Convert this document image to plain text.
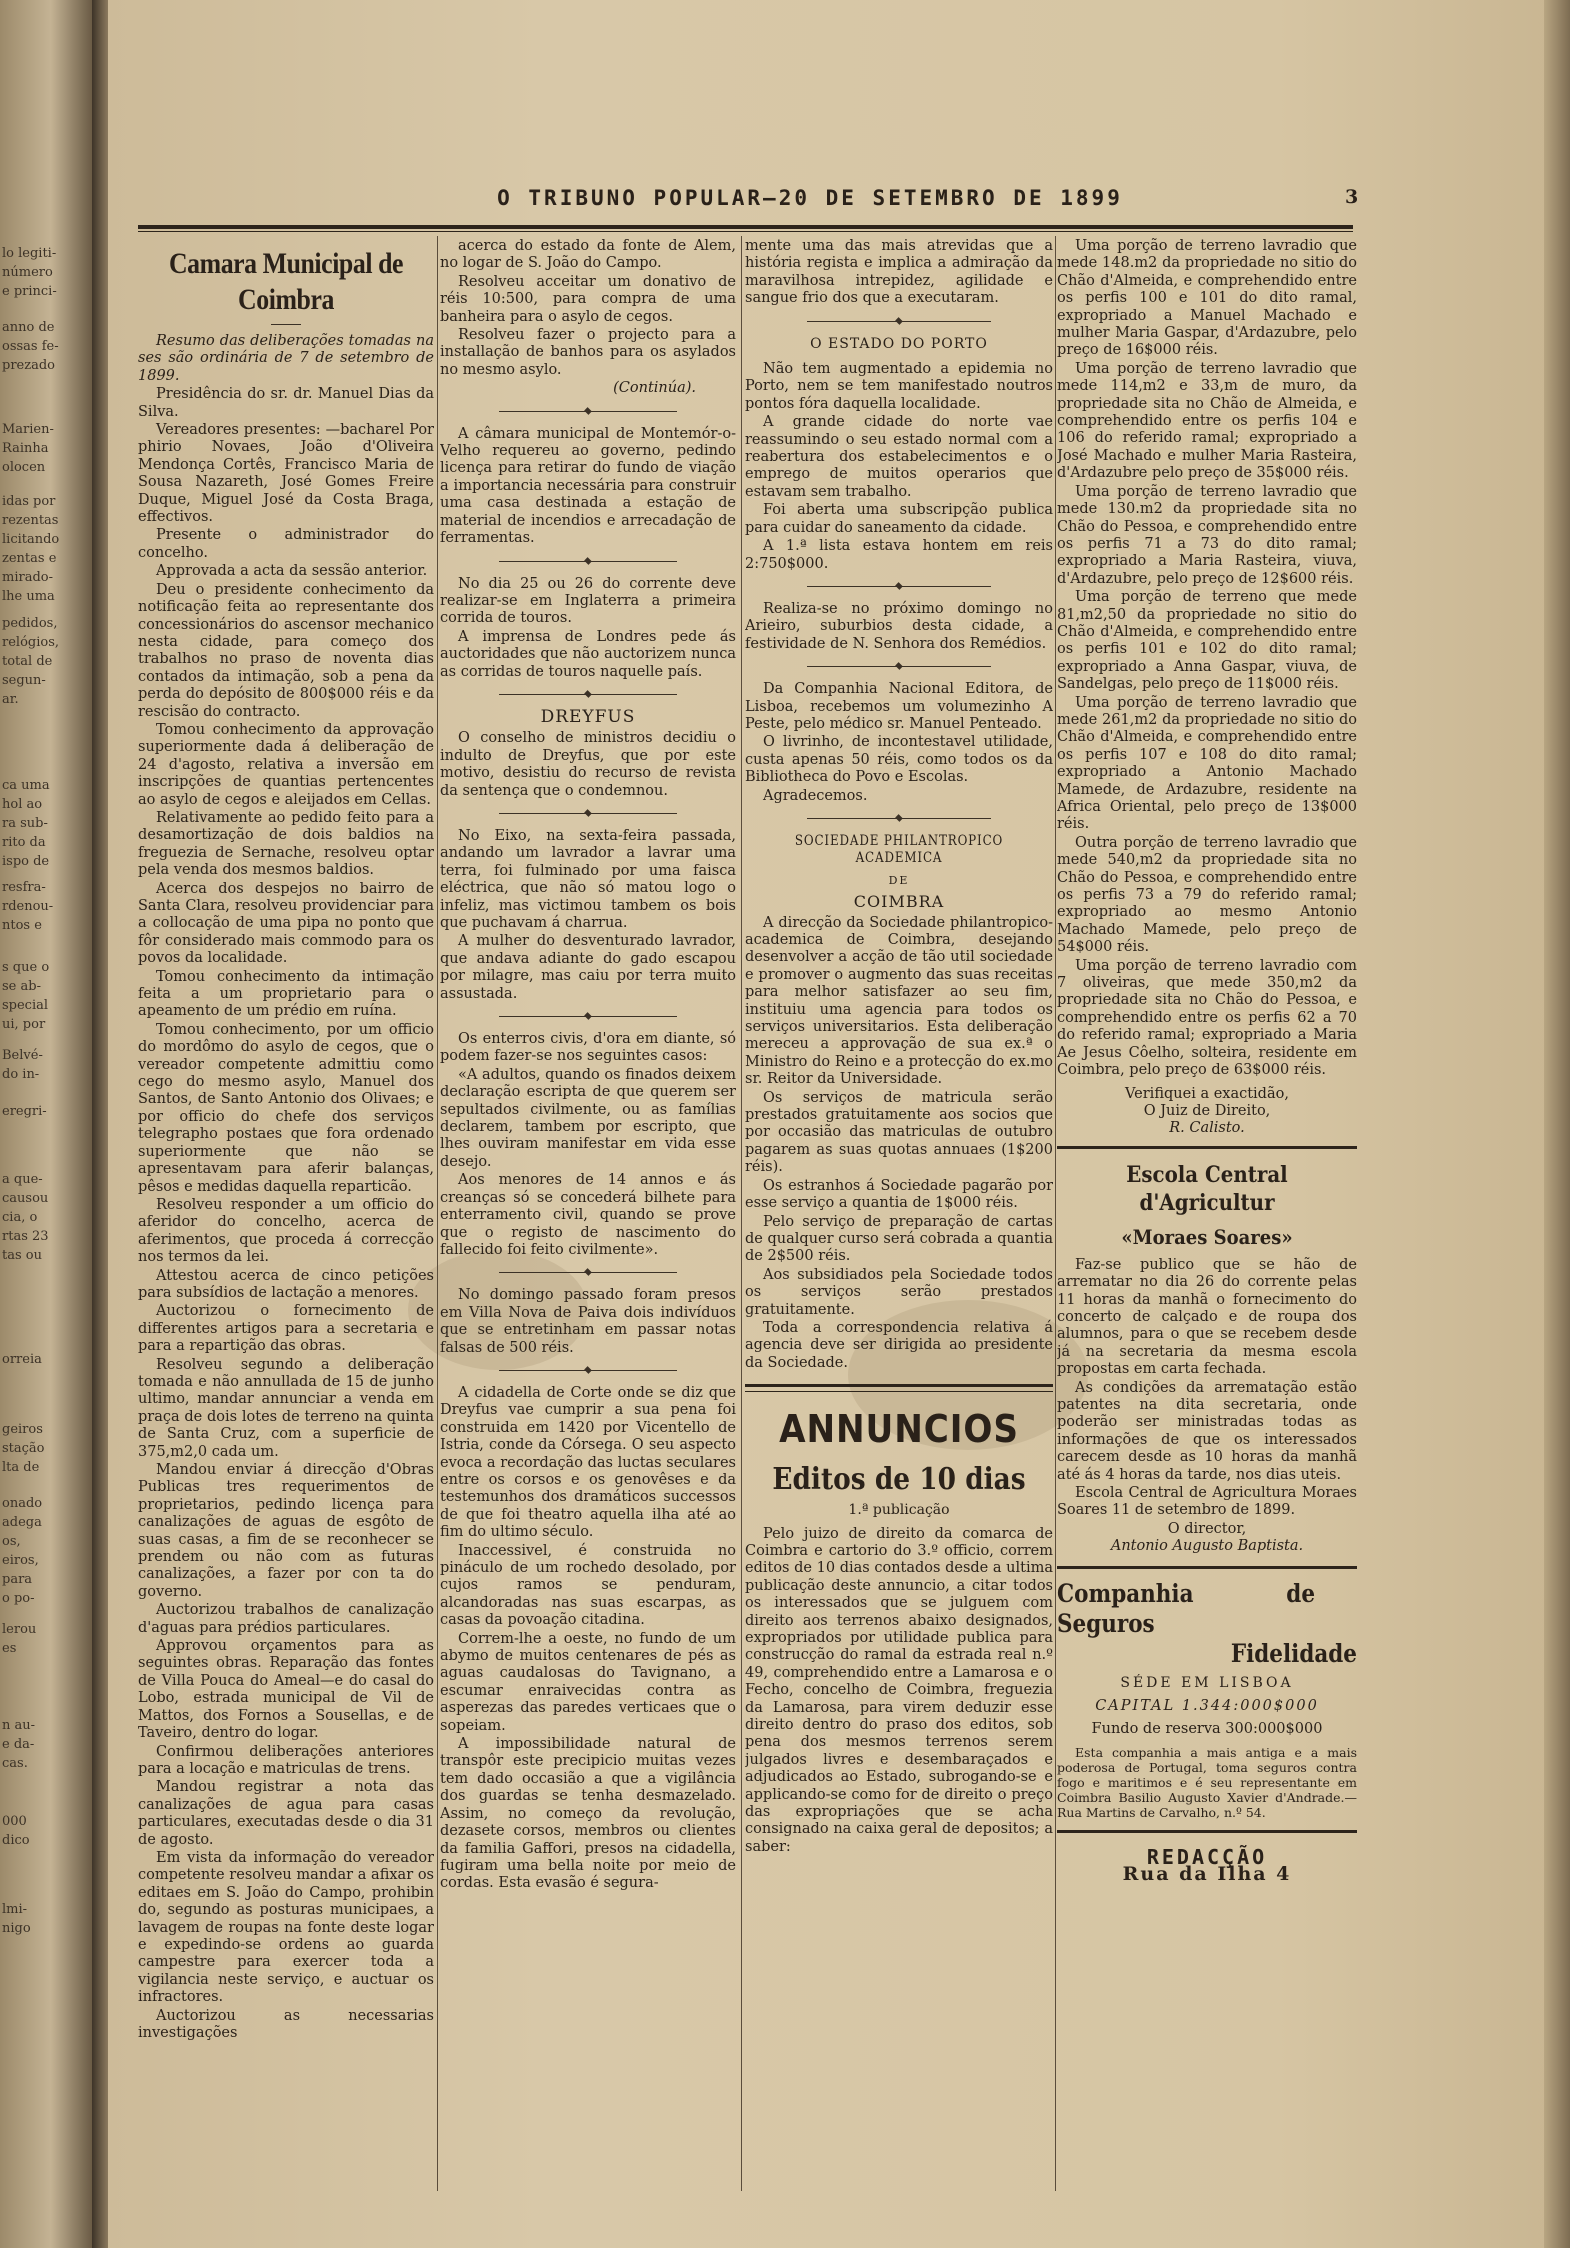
lo legiti-
número
e princi-
anno de
ossas fe-
prezado
Marien-
Rainha
olocen
idas por
rezentas
licitando
zentas e
mirado-
lhe uma
pedidos,
relógios,
total de
segun-
ar.
ca uma
hol ao
ra sub-
rito da
ispo de
resfra-
rdenou-
ntos e
s que o
se ab-
special
ui, por
Belvé-
do in-
eregri-
a que-
causou
cia, o
rtas 23
tas ou
orreia
geiros
stação
lta de
onado
adega
os,
eiros,
para
o po-
lerou
es
n au-
e da-
cas.
000
dico
lmi-
nigo
O TRIBUNO POPULAR—20 DE SETEMBRO DE 1899	3
Camara Municipal de Coimbra

Resumo das deliberações tomadas na ses são ordinária de 7 de setembro de 1899.

Presidência do sr. dr. Manuel Dias da Silva.

Vereadores presentes: —bacharel Por phirio Novaes, João d'Oliveira Mendonça Cortês, Francisco Maria de Sousa Nazareth, José Gomes Freire Duque, Miguel José da Costa Braga, effectivos.

Presente o administrador do concelho.

Approvada a acta da sessão anterior.

Deu o presidente conhecimento da notificação feita ao representante dos concessionários do ascensor mechanico nesta cidade, para começo dos trabalhos no praso de noventa dias contados da intimação, sob a pena da perda do depósito de 800$000 réis e da rescisão do contracto.

Tomou conhecimento da approvação superiormente dada á deliberação de 24 d'agosto, relativa a inversão em inscripções de quantias pertencentes ao asylo de cegos e aleijados em Cellas.

Relativamente ao pedido feito para a desamortização de dois baldios na freguezia de Sernache, resolveu optar pela venda dos mesmos baldios.

Acerca dos despejos no bairro de Santa Clara, resolveu providenciar para a collocação de uma pipa no ponto que fôr considerado mais commodo para os povos da localidade.

Tomou conhecimento da intimação feita a um proprietario para o apeamento de um prédio em ruína.

Tomou conhecimento, por um officio do mordômo do asylo de cegos, que o vereador competente admittiu como cego do mesmo asylo, Manuel dos Santos, de Santo Antonio dos Olivaes; e por officio do chefe dos serviços telegrapho postaes que fora ordenado superiormente que não se apresentavam para aferir balanças, pêsos e medidas daquella reparticão.

Resolveu responder a um officio do aferidor do concelho, acerca de aferimentos, que proceda á correcção nos termos da lei.

Attestou acerca de cinco petições para subsídios de lactação a menores.

Auctorizou o fornecimento de differentes artigos para a secretaria e para a repartição das obras.

Resolveu segundo a deliberação tomada e não annullada de 15 de junho ultimo, mandar annunciar a venda em praça de dois lotes de terreno na quinta de Santa Cruz, com a superficie de 375,m2,0 cada um.

Mandou enviar á direcção d'Obras Publicas tres requerimentos de proprietarios, pedindo licença para canalizações de aguas de esgôto de suas casas, a fim de se reconhecer se prendem ou não com as futuras canalizações, a fazer por con ta do governo.

Auctorizou trabalhos de canalização d'aguas para prédios particulares.

Approvou orçamentos para as seguintes obras. Reparação das fontes de Villa Pouca do Ameal—e do casal do Lobo, estrada municipal de Vil de Mattos, dos Fornos a Sousellas, e de Taveiro, dentro do logar.

Confirmou deliberações anteriores para a locação e matriculas de trens.

Mandou registrar a nota das canalizações de agua para casas particulares, executadas desde o dia 31 de agosto.

Em vista da informação do vereador competente resolveu mandar a afixar os editaes em S. João do Campo, prohibin do, segundo as posturas municipaes, a lavagem de roupas na fonte deste logar e expedindo-se ordens ao guarda campestre para exercer toda a vigilancia neste serviço, e auctuar os infractores.

Auctorizou as necessarias investigações

acerca do estado da fonte de Alem, no logar de S. João do Campo.

Resolveu acceitar um donativo de réis 10:500, para compra de uma banheira para o asylo de cegos.

Resolveu fazer o projecto para a installação de banhos para os asylados no mesmo asylo.

(Continúa).

A câmara municipal de Montemór-o-Velho requereu ao governo, pedindo licença para retirar do fundo de viação a importancia necessária para construir uma casa destinada a estação de material de incendios e arrecadação de ferramentas.

No dia 25 ou 26 do corrente deve realizar-se em Inglaterra a primeira corrida de touros.

A imprensa de Londres pede ás auctoridades que não auctorizem nunca as corridas de touros naquelle país.

DREYFUS

O conselho de ministros decidiu o indulto de Dreyfus, que por este motivo, desistiu do recurso de revista da sentença que o condemnou.

No Eixo, na sexta-feira passada, andando um lavrador a lavrar uma terra, foi fulminado por uma faisca eléctrica, que não só matou logo o infeliz, mas victimou tambem os bois que puchavam á charrua.

A mulher do desventurado lavrador, que andava adiante do gado escapou por milagre, mas caiu por terra muito assustada.

Os enterros civis, d'ora em diante, só podem fazer-se nos seguintes casos:

«A adultos, quando os finados deixem declaração escripta de que querem ser sepultados civilmente, ou as famílias declarem, tambem por escripto, que lhes ouviram manifestar em vida esse desejo.

Aos menores de 14 annos e ás creanças só se concederá bilhete para enterramento civil, quando se prove que o registo de nascimento do fallecido foi feito civilmente».

No domingo passado foram presos em Villa Nova de Paiva dois indivíduos que se entretinham em passar notas falsas de 500 réis.

A cidadella de Corte onde se diz que Dreyfus vae cumprir a sua pena foi construida em 1420 por Vicentello de Istria, conde da Córsega. O seu aspecto evoca a recordação das luctas seculares entre os corsos e os genovêses e da testemunhos dos dramáticos successos de que foi theatro aquella ilha até ao fim do ultimo século.

Inaccessivel, é construida no pináculo de um rochedo desolado, por cujos ramos se penduram, alcandoradas nas suas escarpas, as casas da povoação citadina.

Correm-lhe a oeste, no fundo de um abymo de muitos centenares de pés as aguas caudalosas do Tavignano, a escumar enraivecidas contra as asperezas das paredes verticaes que o sopeiam.

A impossibilidade natural de transpôr este precipicio muitas vezes tem dado occasião a que a vigilância dos guardas se tenha desmazelado. Assim, no começo da revolução, dezasete corsos, membros ou clientes da familia Gaffori, presos na cidadella, fugiram uma bella noite por meio de cordas. Esta evasão é segura-

mente uma das mais atrevidas que a história regista e implica a admiração da maravilhosa intrepidez, agilidade e sangue frio dos que a executaram.

O ESTADO DO PORTO

Não tem augmentado a epidemia no Porto, nem se tem manifestado noutros pontos fóra daquella localidade.

A grande cidade do norte vae reassumindo o seu estado normal com a reabertura dos estabelecimentos e o emprego de muitos operarios que estavam sem trabalho.

Foi aberta uma subscripção publica para cuidar do saneamento da cidade.

A 1.ª lista estava hontem em reis 2:750$000.

Realiza-se no próximo domingo no Arieiro, suburbios desta cidade, a festividade de N. Senhora dos Remédios.

Da Companhia Nacional Editora, de Lisboa, recebemos um volumezinho A Peste, pelo médico sr. Manuel Penteado.

O livrinho, de incontestavel utilidade, custa apenas 50 réis, como todos os da Bibliotheca do Povo e Escolas.

Agradecemos.

SOCIEDADE PHILANTROPICO ACADEMICA
DE
COIMBRA

A direcção da Sociedade philantropico-academica de Coimbra, desejando desenvolver a acção de tão util sociedade e promover o augmento das suas receitas para melhor satisfazer ao seu fim, instituiu uma agencia para todos os serviços universitarios. Esta deliberação mereceu a approvação de sua ex.ª o Ministro do Reino e a protecção do ex.mo sr. Reitor da Universidade.

Os serviços de matricula serão prestados gratuitamente aos socios que por occasião das matriculas de outubro pagarem as suas quotas annuaes (1$200 réis).

Os estranhos á Sociedade pagarão por esse serviço a quantia de 1$000 réis.

Pelo serviço de preparação de cartas de qualquer curso será cobrada a quantia de 2$500 réis.

Aos subsidiados pela Sociedade todos os serviços serão prestados gratuitamente.

Toda a correspondencia relativa á agencia deve ser dirigida ao presidente da Sociedade.

ANNUNCIOS
Editos de 10 dias
1.ª publicação

Pelo juizo de direito da comarca de Coimbra e cartorio do 3.º officio, correm editos de 10 dias contados desde a ultima publicação deste annuncio, a citar todos os interessados que se julguem com direito aos terrenos abaixo designados, expropriados por utilidade publica para construcção do ramal da estrada real n.º 49, comprehendido entre a Lamarosa e o Fecho, concelho de Coimbra, freguezia da Lamarosa, para virem deduzir esse direito dentro do praso dos editos, sob pena dos mesmos terrenos serem julgados livres e desembaraçados e adjudicados ao Estado, subrogando-se e applicando-se como for de direito o preço das expropriações que se acha consignado na caixa geral de depositos; a saber:

Uma porção de terreno lavradio que mede 148.m2 da propriedade no sitio do Chão d'Almeida, e comprehendido entre os perfis 100 e 101 do dito ramal, expropriado a Manuel Machado e mulher Maria Gaspar, d'Ardazubre, pelo preço de 16$000 réis.

Uma porção de terreno lavradio que mede 114,m2 e 33,m de muro, da propriedade sita no Chão de Almeida, e comprehendido entre os perfis 104 e 106 do referido ramal; expropriado a José Machado e mulher Maria Rasteira, d'Ardazubre pelo preço de 35$000 réis.

Uma porção de terreno lavradio que mede 130.m2 da propriedade sita no Chão do Pessoa, e comprehendido entre os perfis 71 a 73 do dito ramal; expropriado a Maria Rasteira, viuva, d'Ardazubre, pelo preço de 12$600 réis.

Uma porção de terreno que mede 81,m2,50 da propriedade no sitio do Chão d'Almeida, e comprehendido entre os perfis 101 e 102 do dito ramal; expropriado a Anna Gaspar, viuva, de Sandelgas, pelo preço de 11$000 réis.

Uma porção de terreno lavradio que mede 261,m2 da propriedade no sitio do Chão d'Almeida, e comprehendido entre os perfis 107 e 108 do dito ramal; expropriado a Antonio Machado Mamede, de Ardazubre, residente na Africa Oriental, pelo preço de 13$000 réis.

Outra porção de terreno lavradio que mede 540,m2 da propriedade sita no Chão do Pessoa, e comprehendido entre os perfis 73 a 79 do referido ramal; expropriado ao mesmo Antonio Machado Mamede, pelo preço de 54$000 réis.

Uma porção de terreno lavradio com 7 oliveiras, que mede 350,m2 da propriedade sita no Chão do Pessoa, e comprehendido entre os perfis 62 a 70 do referido ramal; expropriado a Maria Ae Jesus Côelho, solteira, residente em Coimbra, pelo preço de 63$000 réis.

Verifiquei a exactidão,
O Juiz de Direito,
R. Calisto.
Escola Central d'Agricultur
«Moraes Soares»

Faz-se publico que se hão de arrematar no dia 26 do corrente pelas 11 horas da manhã o fornecimento do concerto de calçado e de roupa dos alumnos, para o que se recebem desde já na secretaria da mesma escola propostas em carta fechada.

As condições da arrematação estão patentes na dita secretaria, onde poderão ser ministradas todas as informações de que os interessados carecem desde as 10 horas da manhã até ás 4 horas da tarde, nos dias uteis.

Escola Central de Agricultura Moraes Soares 11 de setembro de 1899.

O director,
Antonio Augusto Baptista.
Companhia de Seguros
Fidelidade
SÉDE EM LISBOA
CAPITAL 1.344:000$000
Fundo de reserva 300:000$000

Esta companhia a mais antiga e a mais poderosa de Portugal, toma seguros contra fogo e maritimos e é seu representante em Coimbra Basilio Augusto Xavier d'Andrade.— Rua Martins de Carvalho, n.º 54.

REDACÇÃO
Rua da Ilha 4
